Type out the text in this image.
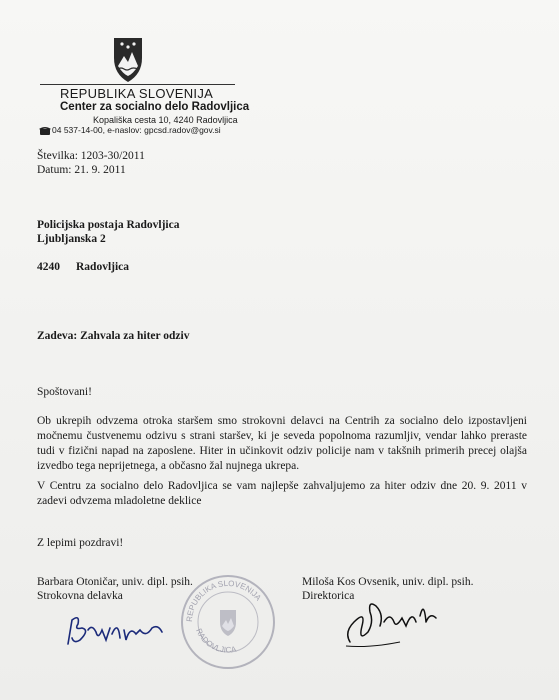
REPUBLIKA SLOVENIJA
Center za socialno delo Radovljica
Kopališka cesta 10, 4240 Radovljica
04 537-14-00, e-naslov: gpcsd.radov@gov.si
Številka: 1203-30/2011
Datum: 21. 9. 2011
Policijska postaja Radovljica
Ljubljanska 2
4240 Radovljica
Zadeva: Zahvala za hiter odziv
Spoštovani!
Ob ukrepih odvzema otroka staršem smo strokovni delavci na Centrih za socialno delo izpostavljeni močnemu čustvenemu odzivu s strani staršev, ki je seveda popolnoma razumljiv, vendar lahko preraste tudi v fizični napad na zaposlene. Hiter in učinkovit odziv policije nam v takšnih primerih precej olajša izvedbo tega neprijetnega, a občasno žal nujnega ukrepa.
V Centru za socialno delo Radovljica se vam najlepše zahvaljujemo za hiter odziv dne 20. 9. 2011 v zadevi odvzema mladoletne deklice
Z lepimi pozdravi!
Barbara Otoničar, univ. dipl. psih.
Strokovna delavka
Miloša Kos Ovsenik, univ. dipl. psih.
Direktorica
REPUBLIKA SLOVENIJA
RADOVLJICA
